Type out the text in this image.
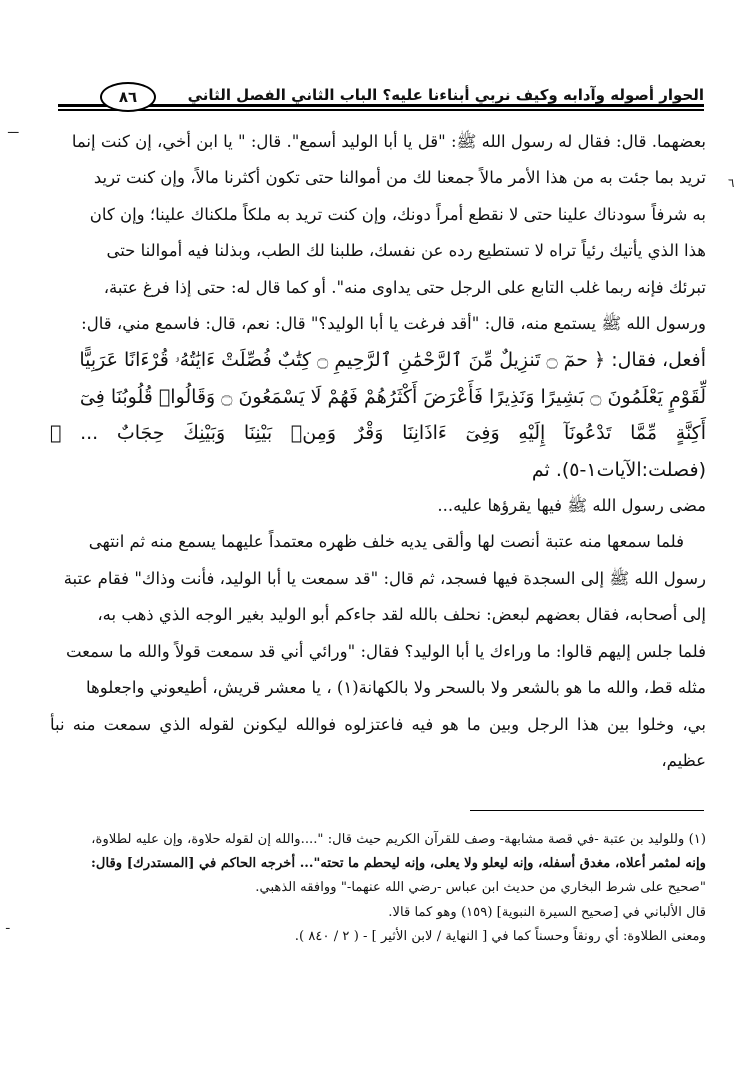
الحوار أصوله وآدابه وكيف نربي أبناءنا عليه؟ الباب الثاني الفصل الثاني
٨٦
ـــ
٦
ـ

بعضهما. قال: فقال له رسول الله ﷺ: "قل يا أبا الوليد أسمع". قال: " يا ابن أخي، إن كنت إنما

تريد بما جئت به من هذا الأمر مالاً جمعنا لك من أموالنا حتى تكون أكثرنا مالاً، وإن كنت تريد

به شرفاً سودناك علينا حتى لا نقطع أمراً دونك، وإن كنت تريد به ملكاً ملكناك علينا؛ وإن كان

هذا الذي يأتيك رئياً تراه لا تستطيع رده عن نفسك، طلبنا لك الطب، وبذلنا فيه أموالنا حتى

تبرئك فإنه ربما غلب التابع على الرجل حتى يداوى منه". أو كما قال له: حتى إذا فرغ عتبة،

ورسول الله ﷺ يستمع منه، قال: "أقد فرغت يا أبا الوليد؟" قال: نعم، قال: فاسمع مني، قال:

أفعل، فقال: ﴿ حمٓ ۝ تَنزِيلٌ مِّنَ ٱلرَّحْمَٰنِ ٱلرَّحِيمِ ۝ كِتَٰبٌ فُصِّلَتْ ءَايَٰتُهُۥ قُرْءَانًا عَرَبِيًّا

لِّقَوْمٍ يَعْلَمُونَ ۝ بَشِيرًا وَنَذِيرًا فَأَعْرَضَ أَكْثَرُهُمْ فَهُمْ لَا يَسْمَعُونَ ۝ وَقَالُوا۟ قُلُوبُنَا فِىٓ

أَكِنَّةٍ مِّمَّا تَدْعُونَآ إِلَيْهِ وَفِىٓ ءَاذَانِنَا وَقْرٌ وَمِنۢ بَيْنِنَا وَبَيْنِكَ حِجَابٌ ... ﴾ (فصلت:الآيات١-٥). ثم

مضى رسول الله ﷺ فيها يقرؤها عليه...

فلما سمعها منه عتبة أنصت لها وألقى يديه خلف ظهره معتمداً عليهما يسمع منه ثم انتهى

رسول الله ﷺ إلى السجدة فيها فسجد، ثم قال: "قد سمعت يا أبا الوليد، فأنت وذاك" فقام عتبة

إلى أصحابه، فقال بعضهم لبعض: نحلف بالله لقد جاءكم أبو الوليد بغير الوجه الذي ذهب به،

فلما جلس إليهم قالوا: ما وراءك يا أبا الوليد؟ فقال: "ورائي أني قد سمعت قولاً والله ما سمعت

مثله قط، والله ما هو بالشعر ولا بالسحر ولا بالكهانة(١) ، يا معشر قريش، أطيعوني واجعلوها

بي، وخلوا بين هذا الرجل وبين ما هو فيه فاعتزلوه فوالله ليكونن لقوله الذي سمعت منه نبأ عظيم،

(١) وللوليد بن عتبة -في قصة مشابهة- وصف للقرآن الكريم حيث قال: "....والله إن لقوله حلاوة، وإن عليه لطلاوة،

وإنه لمثمر أعلاه، مغدق أسفله، وإنه ليعلو ولا يعلى، وإنه ليحطم ما تحته"... أخرجه الحاكم في [المستدرك] وقال:

"صحيح على شرط البخاري من حديث ابن عباس -رضي الله عنهما-" ووافقه الذهبي.

قال الألباني في [صحيح السيرة النبوية] (١٥٩) وهو كما قالا.

ومعنى الطلاوة: أي رونقاً وحسناً كما في [ النهاية / لابن الأثير ] - ( ٢ / ٨٤٠ ).
